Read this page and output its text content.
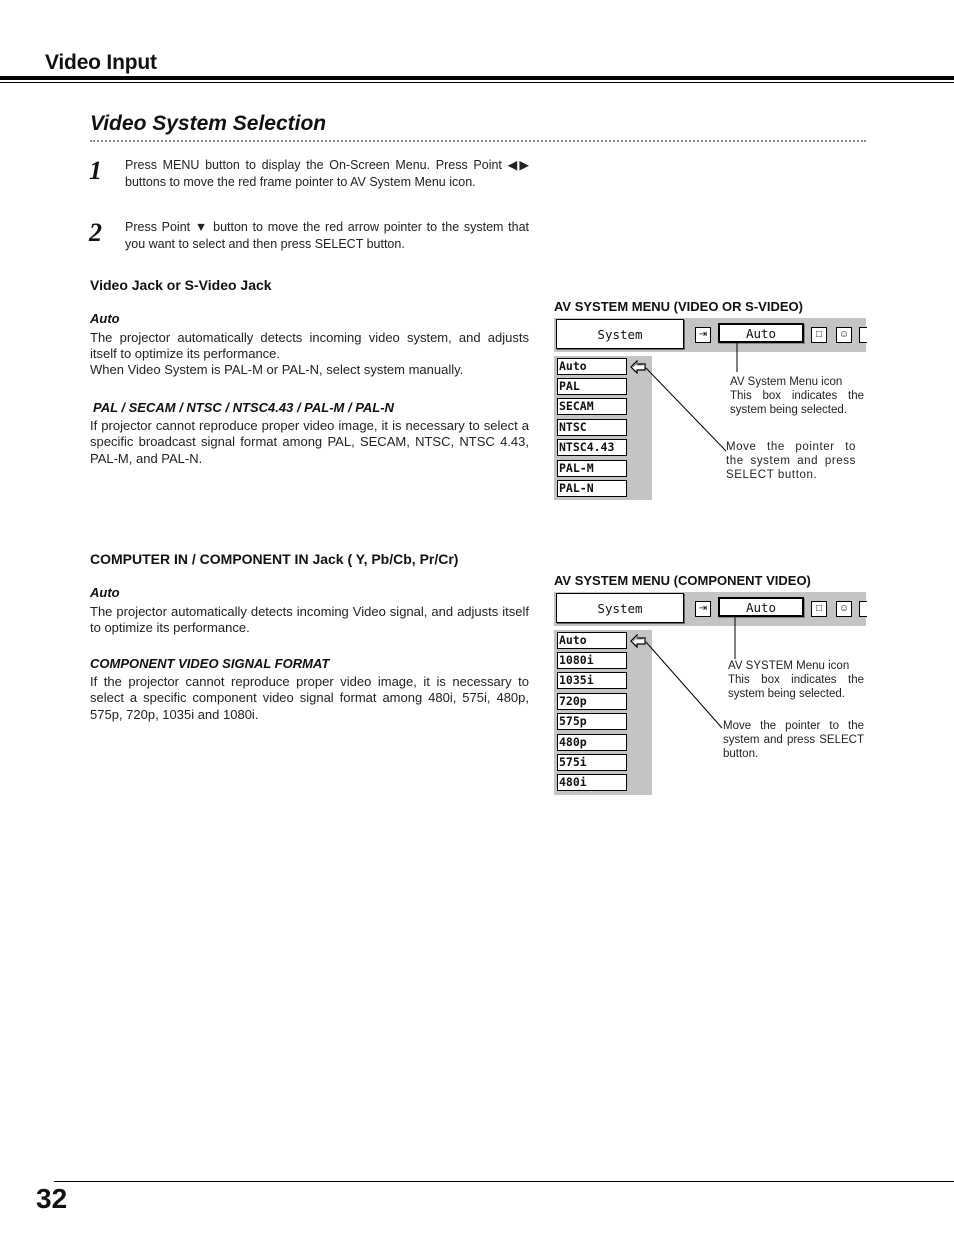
Video Input
Video System Selection
1 Press MENU button to display the On-Screen Menu. Press Point ◀▶ buttons to move the red frame pointer to AV System Menu icon.
2 Press Point ▼ button to move the red arrow pointer to the system that you want to select and then press SELECT button.
Video Jack or S-Video Jack
Auto
The projector automatically detects incoming video system, and adjusts itself to optimize its performance.
When Video System is PAL-M or PAL-N, select system manually.
PAL / SECAM / NTSC / NTSC4.43 / PAL-M / PAL-N
If projector cannot reproduce proper video image, it is necessary to select a specific broadcast signal format among PAL, SECAM, NTSC, NTSC 4.43, PAL-M, and PAL-N.
COMPUTER IN / COMPONENT IN Jack ( Y, Pb/Cb, Pr/Cr)
Auto
The projector automatically detects incoming Video signal, and adjusts itself to optimize its performance.
COMPONENT VIDEO SIGNAL FORMAT
If the projector cannot reproduce proper video image, it is necessary to select a specific component video signal format among 480i, 575i, 480p, 575p, 720p, 1035i and 1080i.
AV SYSTEM MENU (VIDEO OR S-VIDEO)
System	⇥	Auto	□	☺
Auto
PAL
SECAM
NTSC
NTSC4.43
PAL-M
PAL-N
AV System Menu icon
This box indicates the system being selected.
Move the pointer to the system and press SELECT button.
AV SYSTEM MENU (COMPONENT VIDEO)
System	⇥	Auto	□	☺
Auto
1080i
1035i
720p
575p
480p
575i
480i
AV SYSTEM Menu icon
This box indicates the system being selected.
Move the pointer to the system and press SELECT button.
32
